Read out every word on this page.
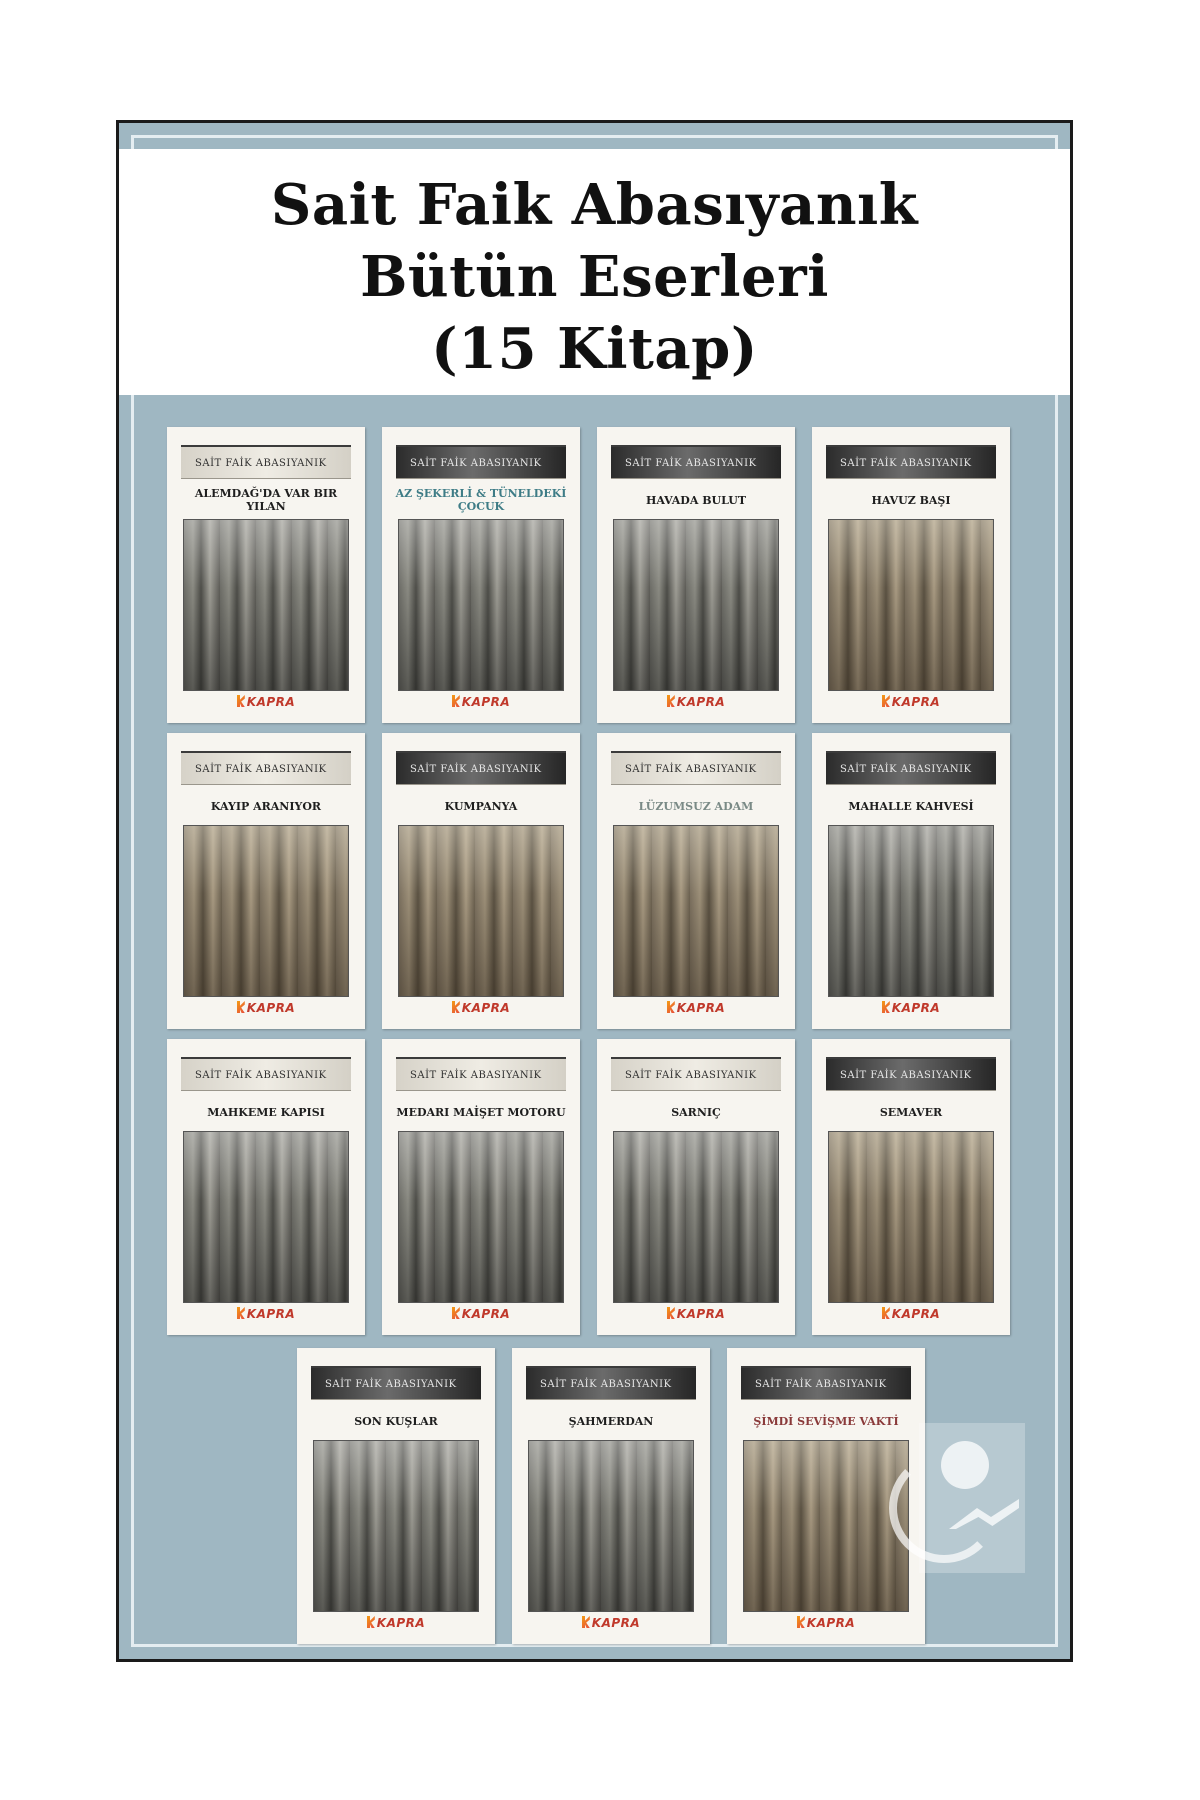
Sait Faik Abasıyanık
Bütün Eserleri
(15 Kitap)
SAİT FAİK ABASIYANIK
ALEMDAĞ'DA VAR BIR YILAN
KAPRA
SAİT FAİK ABASIYANIK
AZ ŞEKERLİ & TÜNELDEKİ ÇOCUK
KAPRA
SAİT FAİK ABASIYANIK
HAVADA BULUT
KAPRA
SAİT FAİK ABASIYANIK
HAVUZ BAŞI
KAPRA
SAİT FAİK ABASIYANIK
KAYIP ARANIYOR
KAPRA
SAİT FAİK ABASIYANIK
KUMPANYA
KAPRA
SAİT FAİK ABASIYANIK
LÜZUMSUZ ADAM
KAPRA
SAİT FAİK ABASIYANIK
MAHALLE KAHVESİ
KAPRA
SAİT FAİK ABASIYANIK
MAHKEME KAPISI
KAPRA
SAİT FAİK ABASIYANIK
MEDARI MAİŞET MOTORU
KAPRA
SAİT FAİK ABASIYANIK
SARNIÇ
KAPRA
SAİT FAİK ABASIYANIK
SEMAVER
KAPRA
SAİT FAİK ABASIYANIK
SON KUŞLAR
KAPRA
SAİT FAİK ABASIYANIK
ŞAHMERDAN
KAPRA
SAİT FAİK ABASIYANIK
ŞİMDİ SEVİŞME VAKTİ
KAPRA
